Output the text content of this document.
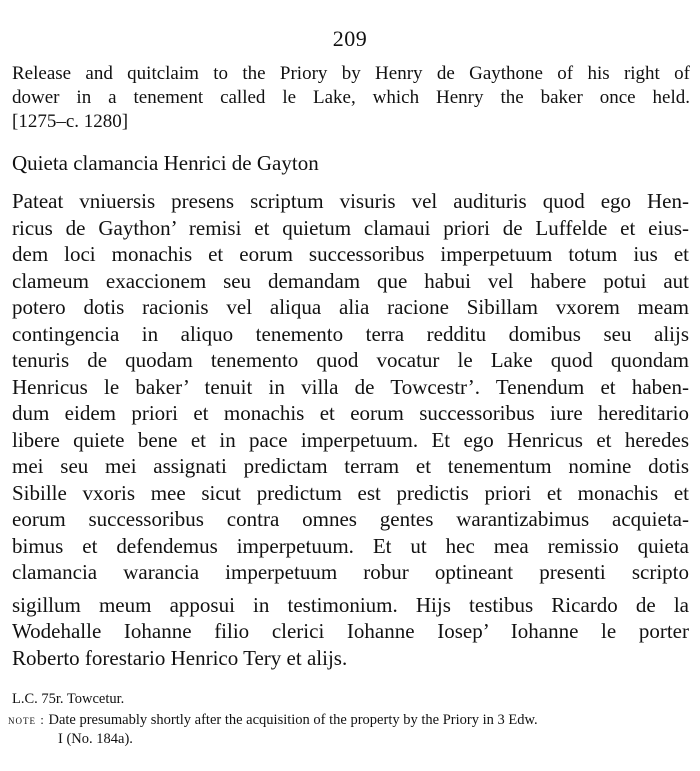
209
Release and quitclaim to the Priory by Henry de Gaythone of his right of
dower in a tenement called le Lake, which Henry the baker once held.
[1275–c. 1280]
Quieta clamancia Henrici de Gayton
Pateat vniuersis presens scriptum visuris vel audituris quod ego Hen-
ricus de Gaython’ remisi et quietum clamaui priori de Luffelde et eius-
dem loci monachis et eorum successoribus imperpetuum totum ius et
clameum exaccionem seu demandam que habui vel habere potui aut
potero dotis racionis vel aliqua alia racione Sibillam vxorem meam
contingencia in aliquo tenemento terra redditu domibus seu alijs
tenuris de quodam tenemento quod vocatur le Lake quod quondam
Henricus le baker’ tenuit in villa de Towcestr’. Tenendum et haben-
dum eidem priori et monachis et eorum successoribus iure hereditario
libere quiete bene et in pace imperpetuum. Et ego Henricus et heredes
mei seu mei assignati predictam terram et tenementum nomine dotis
Sibille vxoris mee sicut predictum est predictis priori et monachis et
eorum successoribus contra omnes gentes warantizabimus acquieta-
bimus et defendemus imperpetuum. Et ut hec mea remissio quieta
clamancia warancia imperpetuum robur optineant presenti scripto
sigillum meum apposui in testimonium. Hijs testibus Ricardo de la
Wodehalle Iohanne filio clerici Iohanne Iosep’ Iohanne le porter
Roberto forestario Henrico Tery et alijs.
L.C. 75r. Towcetur.
note : Date presumably shortly after the acquisition of the property by the Priory in 3 Edw.
I (No. 184a).
